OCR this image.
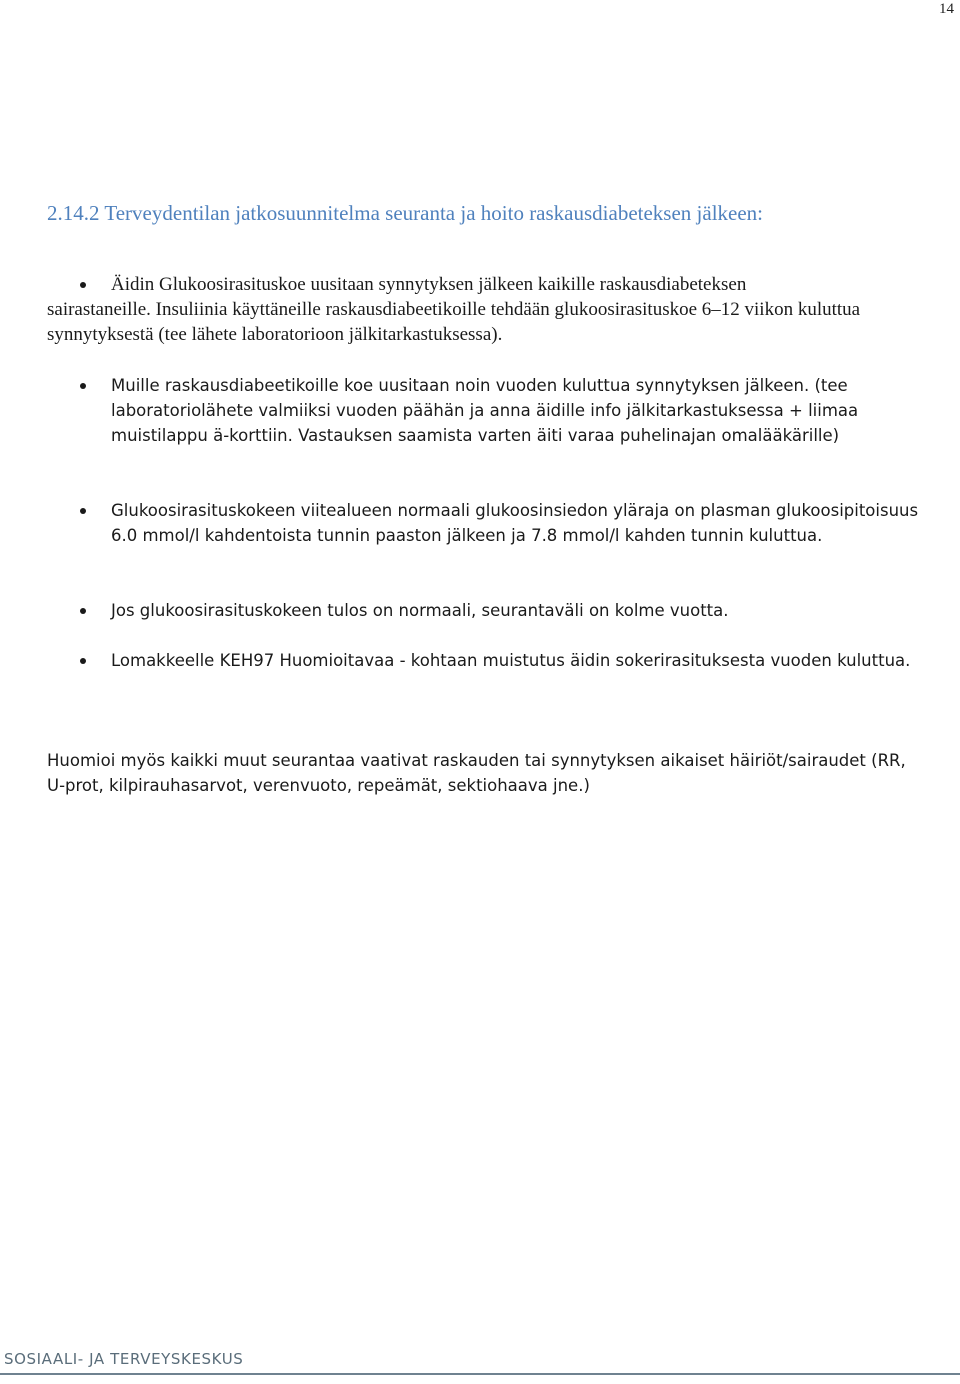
14
2.14.2 Terveydentilan jatkosuunnitelma seuranta ja hoito raskausdiabeteksen jälkeen:
Äidin Glukoosirasituskoe uusitaan synnytyksen jälkeen kaikille raskausdiabeteksen
sairastaneille. Insuliinia käyttäneille raskausdiabeetikoille tehdään glukoosirasituskoe 6–12 viikon kuluttua synnytyksestä (tee lähete laboratorioon jälkitarkastuksessa).
Muille raskausdiabeetikoille koe uusitaan noin vuoden kuluttua synnytyksen jälkeen. (tee laboratoriolähete valmiiksi vuoden päähän ja anna äidille info jälkitarkastuksessa + liimaa muistilappu ä-korttiin. Vastauksen saamista varten äiti varaa puhelinajan omalääkärille)
Glukoosirasituskokeen viitealueen normaali glukoosinsiedon yläraja on plasman glukoosipitoisuus 6.0 mmol/l kahdentoista tunnin paaston jälkeen ja 7.8 mmol/l kahden tunnin kuluttua.
Jos glukoosirasituskokeen tulos on normaali, seurantaväli on kolme vuotta.
Lomakkeelle KEH97 Huomioitavaa - kohtaan muistutus äidin sokerirasituksesta vuoden kuluttua.

Huomioi myös kaikki muut seurantaa vaativat raskauden tai synnytyksen aikaiset häiriöt/sairaudet (RR, U-prot, kilpirauhasarvot, verenvuoto, repeämät, sektiohaava jne.)

SOSIAALI- JA TERVEYSKESKUS
